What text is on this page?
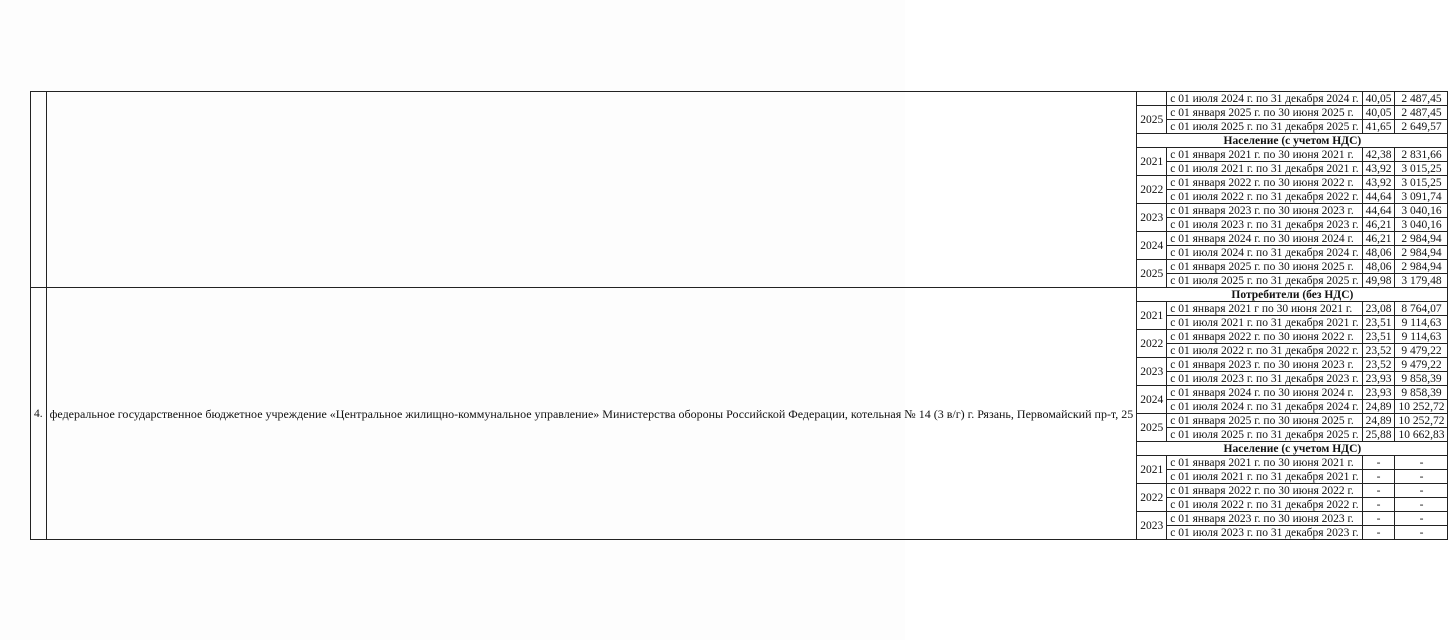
			с 01 июля 2024 г. по 31 декабря 2024 г.	40,05	2 487,45
		2025	с 01 января 2025 г. по 30 июня 2025 г.	40,05	2 487,45
			с 01 июля 2025 г. по 31 декабря 2025 г.	41,65	2 649,57
		Население (с учетом НДС)			
		2021	с 01 января 2021 г. по 30 июня 2021 г.	42,38	2 831,66
			с 01 июля 2021 г. по 31 декабря 2021 г.	43,92	3 015,25
		2022	с 01 января 2022 г. по 30 июня 2022 г.	43,92	3 015,25
			с 01 июля 2022 г. по 31 декабря 2022 г.	44,64	3 091,74
		2023	с 01 января 2023 г. по 30 июня 2023 г.	44,64	3 040,16
			с 01 июля 2023 г. по 31 декабря 2023 г.	46,21	3 040,16
		2024	с 01 января 2024 г. по 30 июня 2024 г.	46,21	2 984,94
			с 01 июля 2024 г. по 31 декабря 2024 г.	48,06	2 984,94
		2025	с 01 января 2025 г. по 30 июня 2025 г.	48,06	2 984,94
			с 01 июля 2025 г. по 31 декабря 2025 г.	49,98	3 179,48
4.	федеральное государственное бюджетное учреждение «Центральное жилищно-коммунальное управление» Министерства обороны Российской Федерации, котельная № 14 (3 в/г) г. Рязань, Первомайский пр-т, 25	Потребители (без НДС)			
		2021	с 01 января 2021 г по 30 июня 2021 г.	23,08	8 764,07
			с 01 июля 2021 г. по 31 декабря 2021 г.	23,51	9 114,63
		2022	с 01 января 2022 г. по 30 июня 2022 г.	23,51	9 114,63
			с 01 июля 2022 г. по 31 декабря 2022 г.	23,52	9 479,22
		2023	с 01 января 2023 г. по 30 июня 2023 г.	23,52	9 479,22
			с 01 июля 2023 г. по 31 декабря 2023 г.	23,93	9 858,39
		2024	с 01 января 2024 г. по 30 июня 2024 г.	23,93	9 858,39
			с 01 июля 2024 г. по 31 декабря 2024 г.	24,89	10 252,72
		2025	с 01 января 2025 г. по 30 июня 2025 г.	24,89	10 252,72
			с 01 июля 2025 г. по 31 декабря 2025 г.	25,88	10 662,83
		Население (с учетом НДС)			
		2021	с 01 января 2021 г. по 30 июня 2021 г.	-	-
			с 01 июля 2021 г. по 31 декабря 2021 г.	-	-
		2022	с 01 января 2022 г. по 30 июня 2022 г.	-	-
			с 01 июля 2022 г. по 31 декабря 2022 г.	-	-
		2023	с 01 января 2023 г. по 30 июня 2023 г.	-	-
			с 01 июля 2023 г. по 31 декабря 2023 г.	-	-
